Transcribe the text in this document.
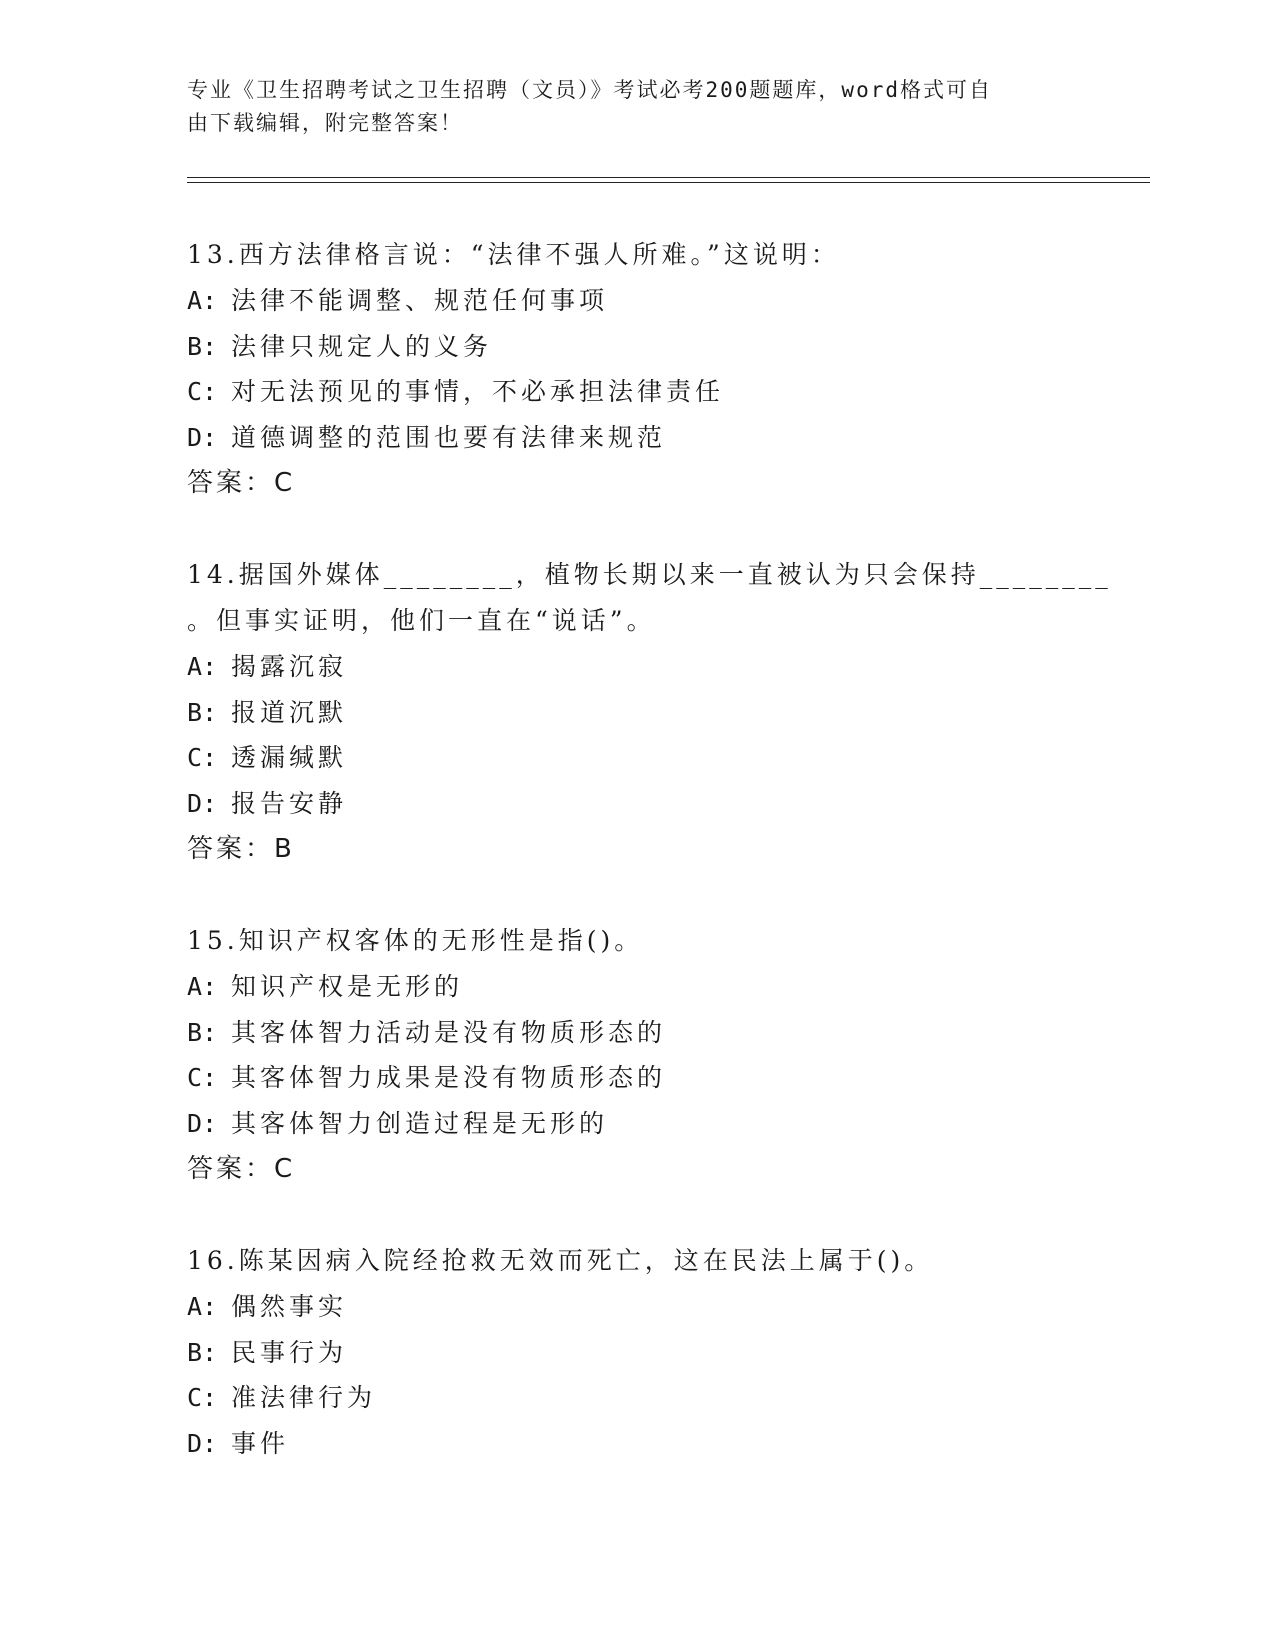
专业《卫生招聘考试之卫生招聘（文员）》考试必考200题题库，word格式可自
由下载编辑，附完整答案！
13.西方法律格言说：“法律不强人所难。”这说明：
A: 法律不能调整、规范任何事项
B: 法律只规定人的义务
C: 对无法预见的事情，不必承担法律责任
D: 道德调整的范围也要有法律来规范
答案：C
14.据国外媒体________，植物长期以来一直被认为只会保持________
。但事实证明，他们一直在“说话”。
A: 揭露沉寂
B: 报道沉默
C: 透漏缄默
D: 报告安静
答案：B
15.知识产权客体的无形性是指()。
A: 知识产权是无形的
B: 其客体智力活动是没有物质形态的
C: 其客体智力成果是没有物质形态的
D: 其客体智力创造过程是无形的
答案：C
16.陈某因病入院经抢救无效而死亡，这在民法上属于()。
A: 偶然事实
B: 民事行为
C: 准法律行为
D: 事件
